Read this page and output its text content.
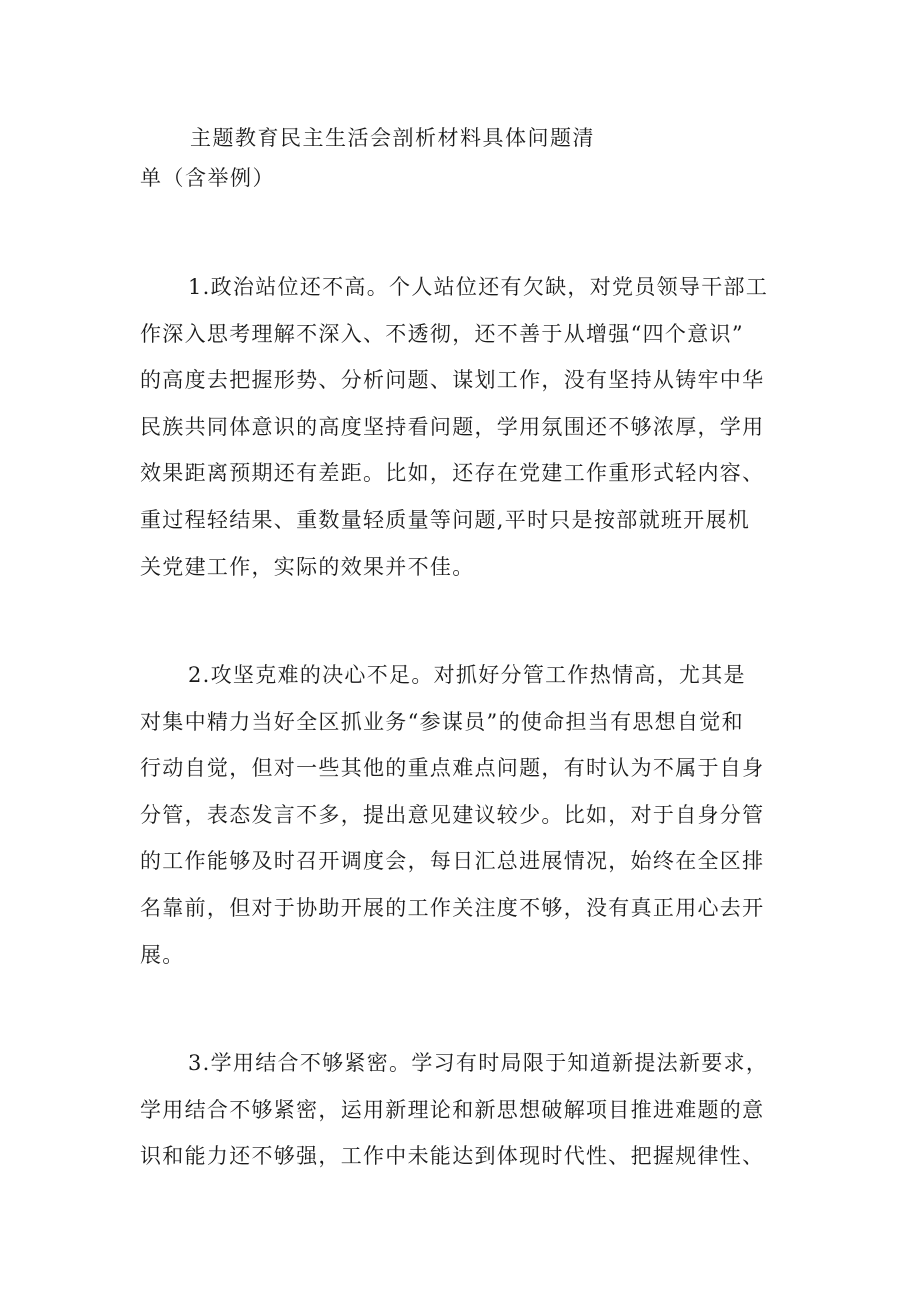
主题教育民主生活会剖析材料具体问题清
单（含举例）

1.政治站位还不高。个人站位还有欠缺，对党员领导干部工
作深入思考理解不深入、不透彻，还不善于从增强“四个意识”
的高度去把握形势、分析问题、谋划工作，没有坚持从铸牢中华
民族共同体意识的高度坚持看问题，学用氛围还不够浓厚，学用
效果距离预期还有差距。比如，还存在党建工作重形式轻内容、
重过程轻结果、重数量轻质量等问题,平时只是按部就班开展机
关党建工作，实际的效果并不佳。

2.攻坚克难的决心不足。对抓好分管工作热情高，尤其是
对集中精力当好全区抓业务“参谋员”的使命担当有思想自觉和
行动自觉，但对一些其他的重点难点问题，有时认为不属于自身
分管，表态发言不多，提出意见建议较少。比如，对于自身分管
的工作能够及时召开调度会，每日汇总进展情况，始终在全区排
名靠前，但对于协助开展的工作关注度不够，没有真正用心去开
展。

3.学用结合不够紧密。学习有时局限于知道新提法新要求，
学用结合不够紧密，运用新理论和新思想破解项目推进难题的意
识和能力还不够强，工作中未能达到体现时代性、把握规律性、
